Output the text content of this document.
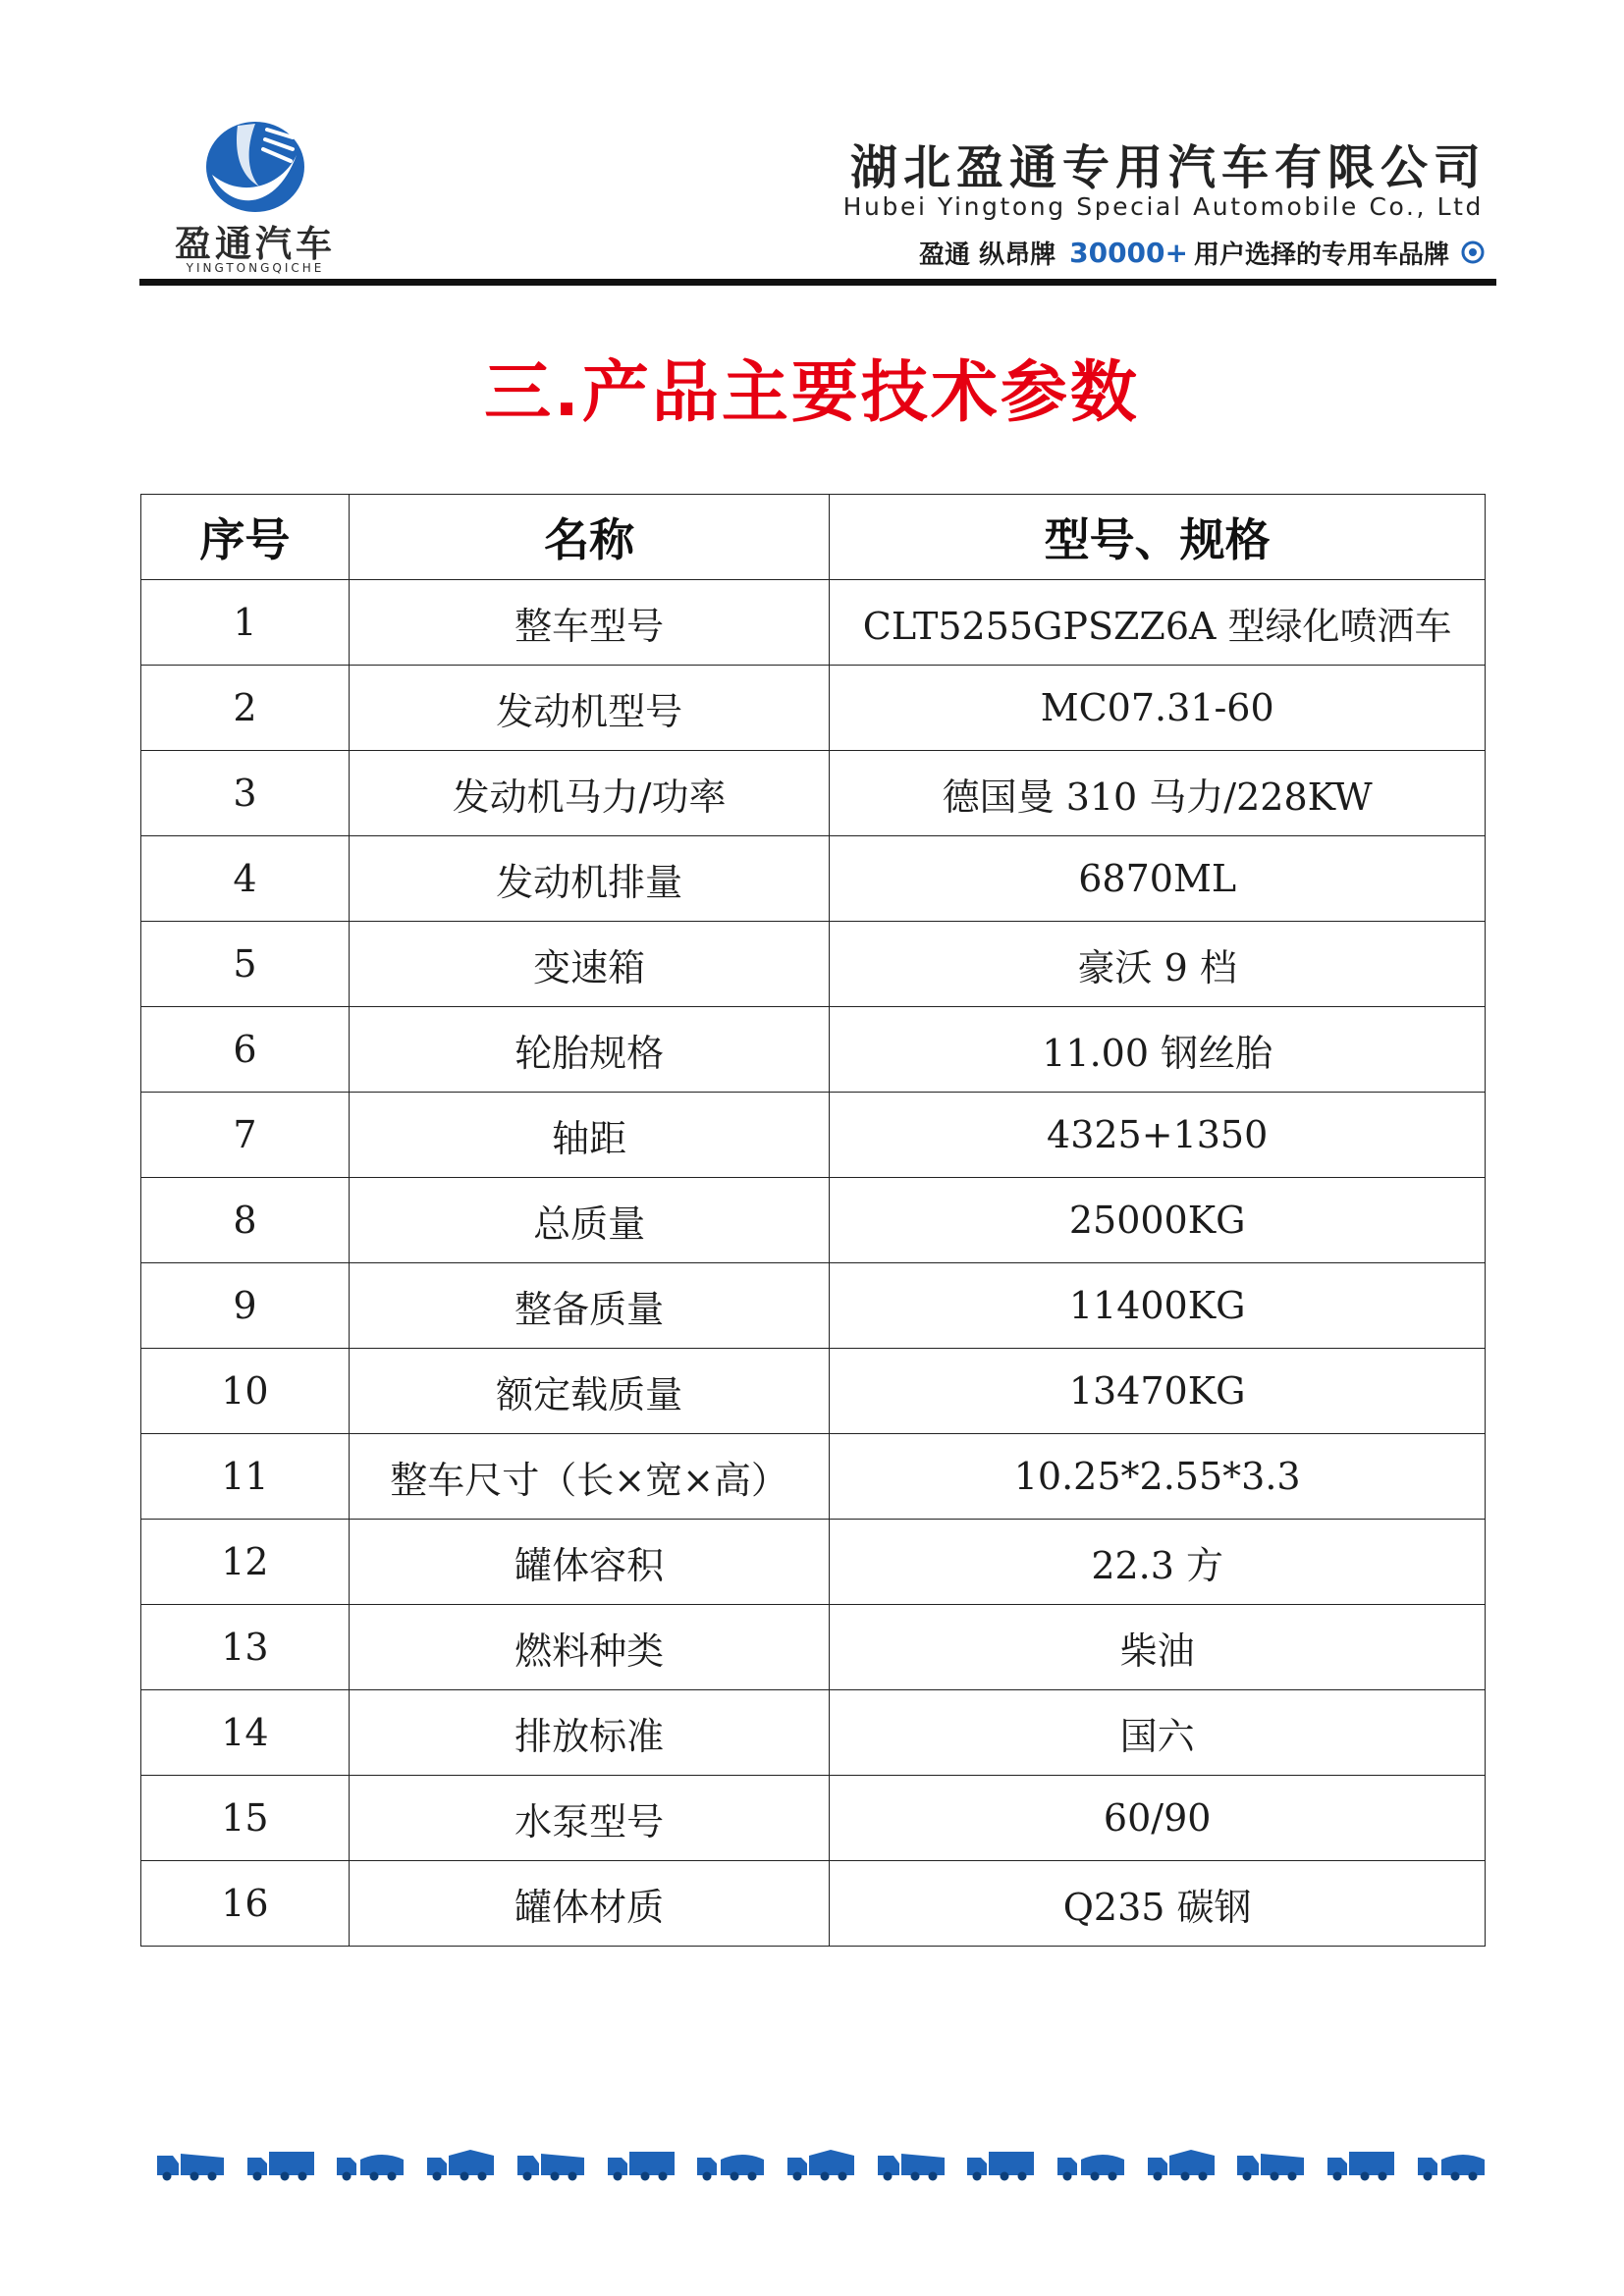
盈通汽车
YINGTONGQICHE
湖北盈通专用汽车有限公司
Hubei Yingtong Special Automobile Co., Ltd
盈通 纵昂牌 30000+ 用户选择的专用车品牌
三.产品主要技术参数
序号	名称	型号、规格
1	整车型号	CLT5255GPSZZ6A 型绿化喷洒车
2	发动机型号	MC07.31-60
3	发动机马力/功率	德国曼 310 马力/228KW
4	发动机排量	6870ML
5	变速箱	豪沃 9 档
6	轮胎规格	11.00 钢丝胎
7	轴距	4325+1350
8	总质量	25000KG
9	整备质量	11400KG
10	额定载质量	13470KG
11	整车尺寸（长×宽×高）	10.25*2.55*3.3
12	罐体容积	22.3 方
13	燃料种类	柴油
14	排放标准	国六
15	水泵型号	60/90
16	罐体材质	Q235 碳钢
